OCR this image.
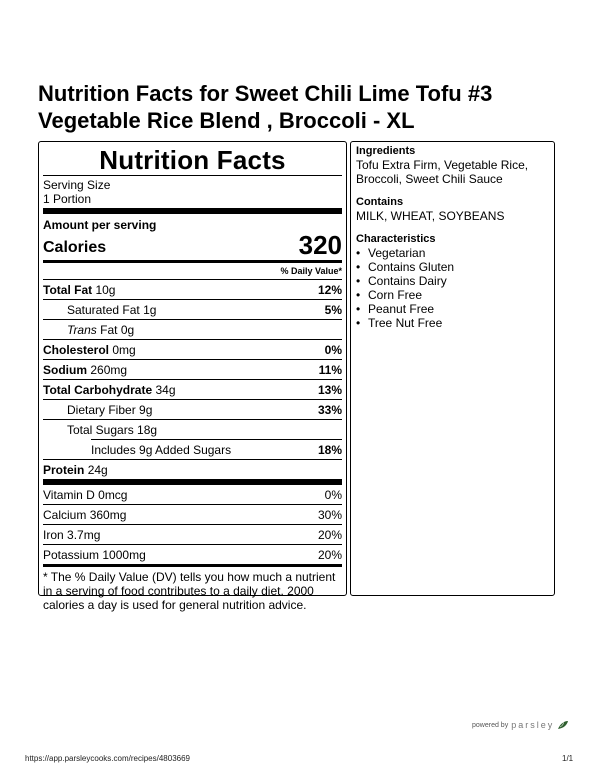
Nutrition Facts for Sweet Chili Lime Tofu #3 Vegetable Rice Blend , Broccoli - XL
Nutrition Facts
Serving Size
1 Portion
Amount per serving
Calories	320
% Daily Value*
Total Fat 10g	12%
Saturated Fat 1g	5%
Trans Fat 0g
Cholesterol 0mg	0%
Sodium 260mg	11%
Total Carbohydrate 34g	13%
Dietary Fiber 9g	33%
Total Sugars 18g
Includes 9g Added Sugars	18%
Protein 24g
Vitamin D 0mcg	0%
Calcium 360mg	30%
Iron 3.7mg	20%
Potassium 1000mg	20%
* The % Daily Value (DV) tells you how much a nutrient in a serving of food contributes to a daily diet. 2000 calories a day is used for general nutrition advice.
Ingredients
Tofu Extra Firm, Vegetable Rice, Broccoli, Sweet Chili Sauce
Contains
MILK, WHEAT, SOYBEANS
Characteristics
• Vegetarian
• Contains Gluten
• Contains Dairy
• Corn Free
• Peanut Free
• Tree Nut Free
powered by parsley
https://app.parsleycooks.com/recipes/4803669	1/1
